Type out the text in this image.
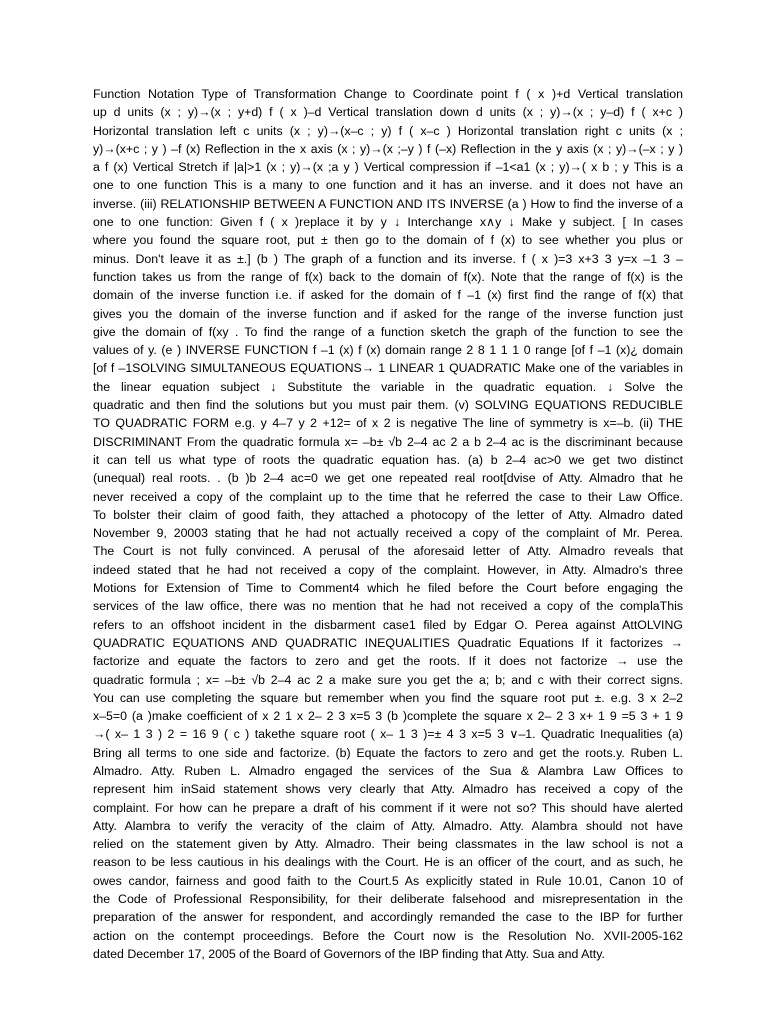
Function Notation Type of Transformation Change to Coordinate point f ( x )+d Vertical translation
up d units (x ; y)→(x ; y+d) f ( x )–d Vertical translation down d units (x ; y)→(x ; y–d) f ( x+c )
Horizontal translation left c units (x ; y)→(x–c ; y) f ( x–c ) Horizontal translation right c units (x ;
y)→(x+c ; y ) –f (x) Reflection in the x axis (x ; y)→(x ;–y ) f (–x) Reflection in the y axis (x ; y)→(–x ; y )
a f (x) Vertical Stretch if |a|>1 (x ; y)→(x ;a y ) Vertical compression if –1<a1 (x ; y)→( x b ; y This is a
one to one function This is a many to one function and it has an inverse. and it does not have an
inverse. (iii) RELATIONSHIP BETWEEN A FUNCTION AND ITS INVERSE (a ) How to find the inverse of a
one to one function: Given f ( x )replace it by y ↓ Interchange x∧y ↓ Make y subject. [ In cases
where you found the square root, put ± then go to the domain of f (x) to see whether you plus or
minus. Don't leave it as ±.] (b ) The graph of a function and its inverse. f ( x )=3 x+3 3 y=x –1 3 –
function takes us from the range of f(x) back to the domain of f(x). Note that the range of f(x) is the
domain of the inverse function i.e. if asked for the domain of f –1 (x) first find the range of f(x) that
gives you the domain of the inverse function and if asked for the range of the inverse function just
give the domain of f(xy . To find the range of a function sketch the graph of the function to see the
values of y. (e ) INVERSE FUNCTION f –1 (x) f (x) domain range 2 8 1 1 1 0 range [of f –1 (x)¿ domain
[of f –1SOLVING SIMULTANEOUS EQUATIONS→ 1 LINEAR 1 QUADRATIC Make one of the variables in
the linear equation subject ↓ Substitute the variable in the quadratic equation. ↓ Solve the
quadratic and then find the solutions but you must pair them. (v) SOLVING EQUATIONS REDUCIBLE
TO QUADRATIC FORM e.g. y 4–7 y 2 +12= of x 2 is negative The line of symmetry is x=–b. (ii) THE
DISCRIMINANT From the quadratic formula x= –b± √b 2–4 ac 2 a b 2–4 ac is the discriminant because
it can tell us what type of roots the quadratic equation has. (a) b 2–4 ac>0 we get two distinct
(unequal) real roots. . (b )b 2–4 ac=0 we get one repeated real root[dvise of Atty. Almadro that he
never received a copy of the complaint up to the time that he referred the case to their Law Office.
To bolster their claim of good faith, they attached a photocopy of the letter of Atty. Almadro dated
November 9, 20003 stating that he had not actually received a copy of the complaint of Mr. Perea.
The Court is not fully convinced. A perusal of the aforesaid letter of Atty. Almadro reveals that
indeed stated that he had not received a copy of the complaint. However, in Atty. Almadro's three
Motions for Extension of Time to Comment4 which he filed before the Court before engaging the
services of the law office, there was no mention that he had not received a copy of the complaThis
refers to an offshoot incident in the disbarment case1 filed by Edgar O. Perea against AttOLVING
QUADRATIC EQUATIONS AND QUADRATIC INEQUALITIES Quadratic Equations If it factorizes →
factorize and equate the factors to zero and get the roots. If it does not factorize → use the
quadratic formula ; x= –b± √b 2–4 ac 2 a make sure you get the a; b; and c with their correct signs.
You can use completing the square but remember when you find the square root put ±. e.g. 3 x 2–2
x–5=0 (a )make coefficient of x 2 1 x 2– 2 3 x=5 3 (b )complete the square x 2– 2 3 x+ 1 9 =5 3 + 1 9
→( x– 1 3 ) 2 = 16 9 ( c ) takethe square root ( x– 1 3 )=± 4 3 x=5 3 ∨–1. Quadratic Inequalities (a)
Bring all terms to one side and factorize. (b) Equate the factors to zero and get the roots.y. Ruben L.
Almadro. Atty. Ruben L. Almadro engaged the services of the Sua & Alambra Law Offices to
represent him inSaid statement shows very clearly that Atty. Almadro has received a copy of the
complaint. For how can he prepare a draft of his comment if it were not so? This should have alerted
Atty. Alambra to verify the veracity of the claim of Atty. Almadro. Atty. Alambra should not have
relied on the statement given by Atty. Almadro. Their being classmates in the law school is not a
reason to be less cautious in his dealings with the Court. He is an officer of the court, and as such, he
owes candor, fairness and good faith to the Court.5 As explicitly stated in Rule 10.01, Canon 10 of
the Code of Professional Responsibility, for their deliberate falsehood and misrepresentation in the
preparation of the answer for respondent, and accordingly remanded the case to the IBP for further
action on the contempt proceedings. Before the Court now is the Resolution No. XVII-2005-162
dated December 17, 2005 of the Board of Governors of the IBP finding that Atty. Sua and Atty.
